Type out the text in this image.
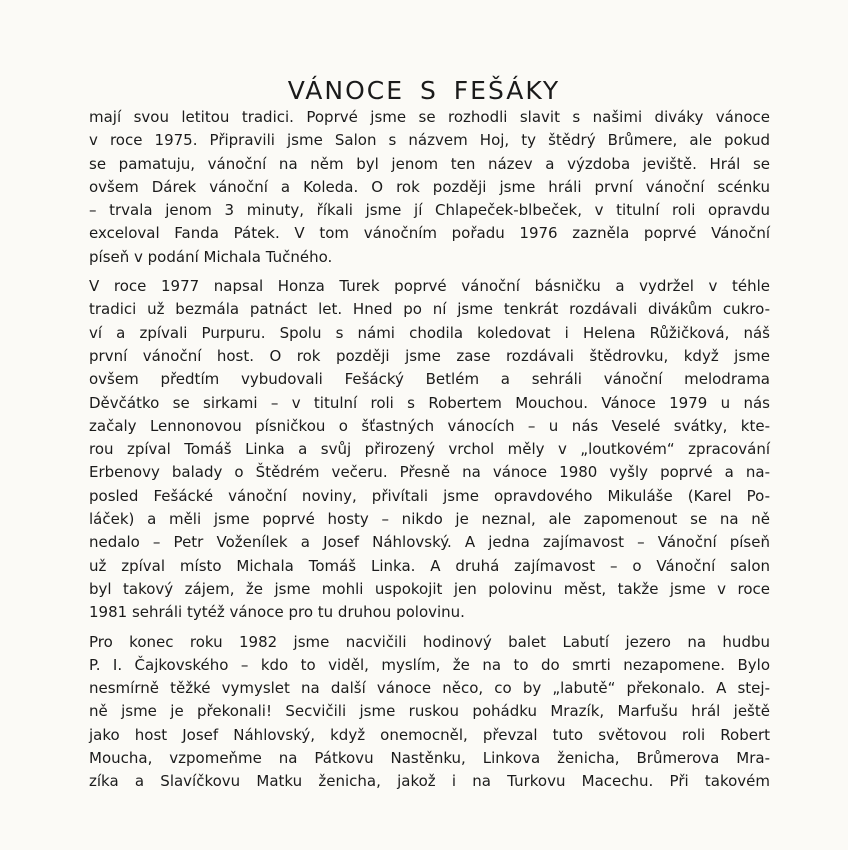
VÁNOCE S FEŠÁKY
mají svou letitou tradici. Poprvé jsme se rozhodli slavit s našimi diváky vánoce
v roce 1975. Připravili jsme Salon s názvem Hoj, ty štědrý Brůmere, ale pokud
se pamatuju, vánoční na něm byl jenom ten název a výzdoba jeviště. Hrál se
ovšem Dárek vánoční a Koleda. O rok později jsme hráli první vánoční scénku
– trvala jenom 3 minuty, říkali jsme jí Chlapeček-blbeček, v titulní roli opravdu
exceloval Fanda Pátek. V tom vánočním pořadu 1976 zazněla poprvé Vánoční
píseň v podání Michala Tučného.
V roce 1977 napsal Honza Turek poprvé vánoční básničku a vydržel v téhle
tradici už bezmála patnáct let. Hned po ní jsme tenkrát rozdávali divákům cukro-
ví a zpívali Purpuru. Spolu s námi chodila koledovat i Helena Růžičková, náš
první vánoční host. O rok později jsme zase rozdávali štědrovku, když jsme
ovšem předtím vybudovali Fešácký Betlém a sehráli vánoční melodrama
Děvčátko se sirkami – v titulní roli s Robertem Mouchou. Vánoce 1979 u nás
začaly Lennonovou písničkou o šťastných vánocích – u nás Veselé svátky, kte-
rou zpíval Tomáš Linka a svůj přirozený vrchol měly v „loutkovém“ zpracování
Erbenovy balady o Štědrém večeru. Přesně na vánoce 1980 vyšly poprvé a na-
posled Fešácké vánoční noviny, přivítali jsme opravdového Mikuláše (Karel Po-
láček) a měli jsme poprvé hosty – nikdo je neznal, ale zapomenout se na ně
nedalo – Petr Voženílek a Josef Náhlovský. A jedna zajímavost – Vánoční píseň
už zpíval místo Michala Tomáš Linka. A druhá zajímavost – o Vánoční salon
byl takový zájem, že jsme mohli uspokojit jen polovinu měst, takže jsme v roce
1981 sehráli tytéž vánoce pro tu druhou polovinu.
Pro konec roku 1982 jsme nacvičili hodinový balet Labutí jezero na hudbu
P. I. Čajkovského – kdo to viděl, myslím, že na to do smrti nezapomene. Bylo
nesmírně těžké vymyslet na další vánoce něco, co by „labutě“ překonalo. A stej-
ně jsme je překonali! Secvičili jsme ruskou pohádku Mrazík, Marfušu hrál ještě
jako host Josef Náhlovský, když onemocněl, převzal tuto světovou roli Robert
Moucha, vzpomeňme na Pátkovu Nastěnku, Linkova ženicha, Brůmerova Mra-
zíka a Slavíčkovu Matku ženicha, jakož i na Turkovu Macechu. Při takovém
